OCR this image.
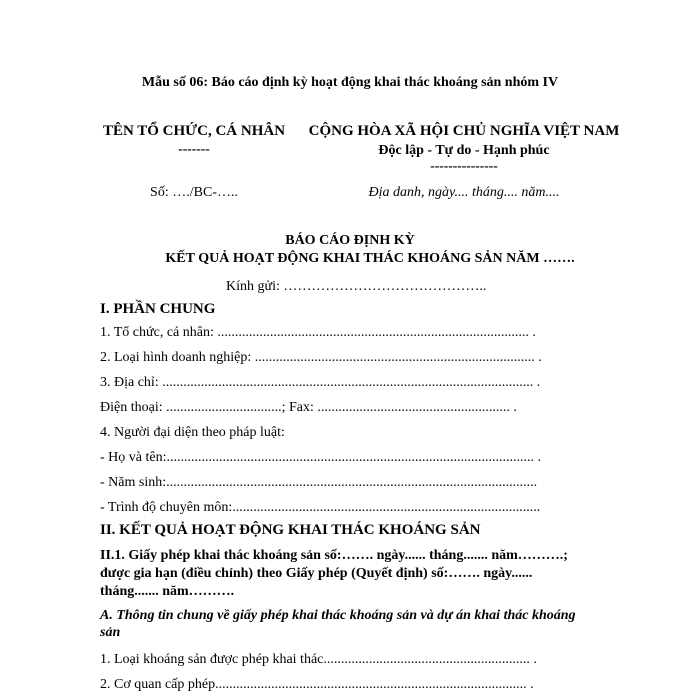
Mẫu số 06: Báo cáo định kỳ hoạt động khai thác khoáng sản nhóm IV
TÊN TỔ CHỨC, CÁ NHÂN
-------
CỘNG HÒA XÃ HỘI CHỦ NGHĨA VIỆT NAM
Độc lập - Tự do - Hạnh phúc
---------------
Số: …./BC-…..	Địa danh, ngày.... tháng.... năm....
BÁO CÁO ĐỊNH KỲ
KẾT QUẢ HOẠT ĐỘNG KHAI THÁC KHOÁNG SẢN NĂM …….
Kính gửi: ……………………………………..
I. PHẦN CHUNG
1. Tổ chức, cá nhân: ......................................................................................... .
2. Loại hình doanh nghiệp: ................................................................................ .
3. Địa chỉ: .......................................................................................................... .
Điện thoại: .................................; Fax: ....................................................... .
4. Người đại diện theo pháp luật:
- Họ và tên:......................................................................................................... .
- Năm sinh:..........................................................................................................
- Trình độ chuyên môn:........................................................................................
II. KẾT QUẢ HOẠT ĐỘNG KHAI THÁC KHOÁNG SẢN
II.1. Giấy phép khai thác khoáng sản số:……. ngày...... tháng....... năm……….;
được gia hạn (điều chỉnh) theo Giấy phép (Quyết định) số:……. ngày......
tháng....... năm……….
A. Thông tin chung về giấy phép khai thác khoáng sản và dự án khai thác khoáng
sản
1. Loại khoáng sản được phép khai thác........................................................... .
2. Cơ quan cấp phép......................................................................................... .
